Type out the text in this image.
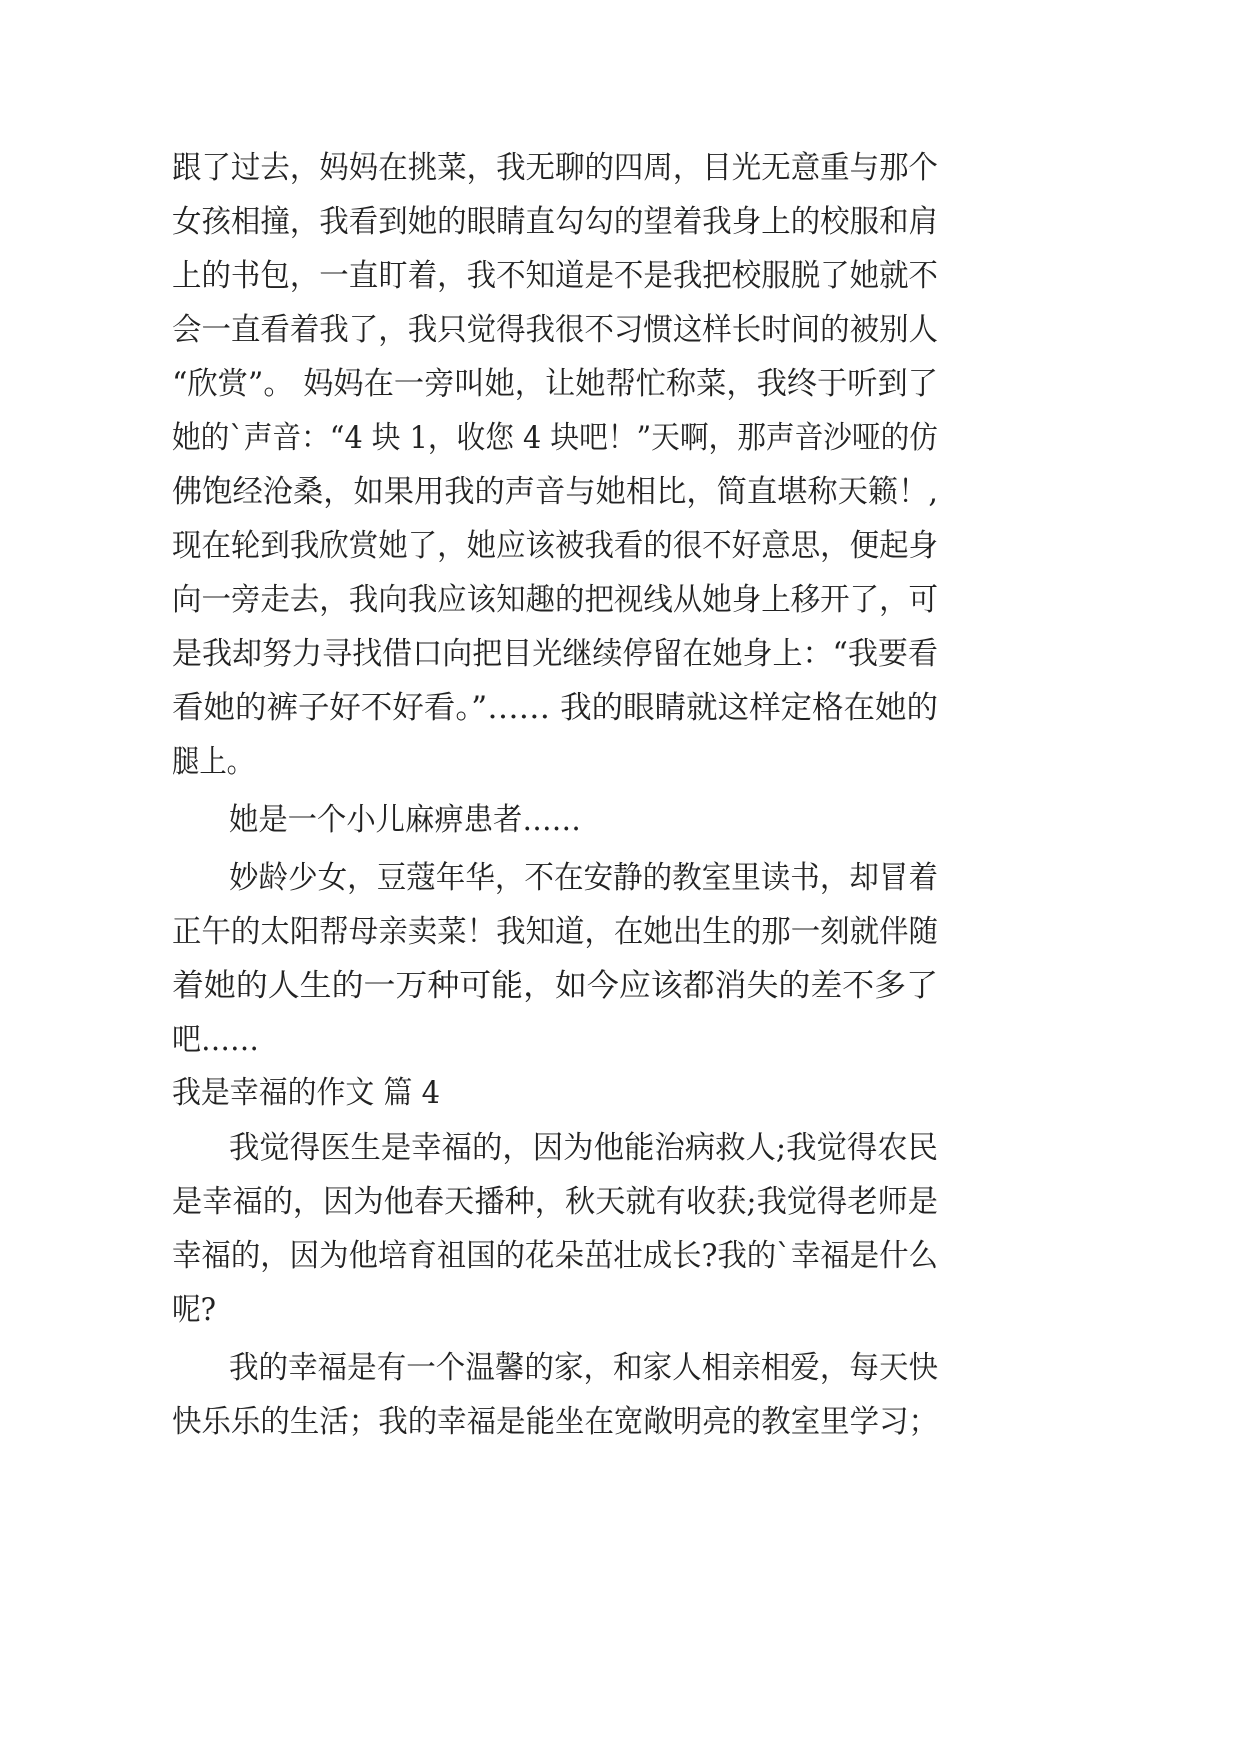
跟了过去，妈妈在挑菜，我无聊的四周，目光无意重与那个
女孩相撞，我看到她的眼睛直勾勾的望着我身上的校服和肩
上的书包，一直盯着，我不知道是不是我把校服脱了她就不
会一直看着我了，我只觉得我很不习惯这样长时间的被别人
“欣赏”。 妈妈在一旁叫她，让她帮忙称菜，我终于听到了
她的`声音：“4 块 1，收您 4 块吧！”天啊，那声音沙哑的仿
佛饱经沧桑，如果用我的声音与她相比，简直堪称天籁！,
现在轮到我欣赏她了，她应该被我看的很不好意思，便起身
向一旁走去，我向我应该知趣的把视线从她身上移开了，可
是我却努力寻找借口向把目光继续停留在她身上：“我要看
看她的裤子好不好看。”…… 我的眼睛就这样定格在她的
腿上。
她是一个小儿麻痹患者……
妙龄少女，豆蔻年华，不在安静的教室里读书，却冒着
正午的太阳帮母亲卖菜！我知道，在她出生的那一刻就伴随
着她的人生的一万种可能，如今应该都消失的差不多了
吧……
我是幸福的作文 篇 4
我觉得医生是幸福的，因为他能治病救人;我觉得农民
是幸福的，因为他春天播种，秋天就有收获;我觉得老师是
幸福的，因为他培育祖国的花朵茁壮成长?我的`幸福是什么
呢?
我的幸福是有一个温馨的家，和家人相亲相爱，每天快
快乐乐的生活；我的幸福是能坐在宽敞明亮的教室里学习；
